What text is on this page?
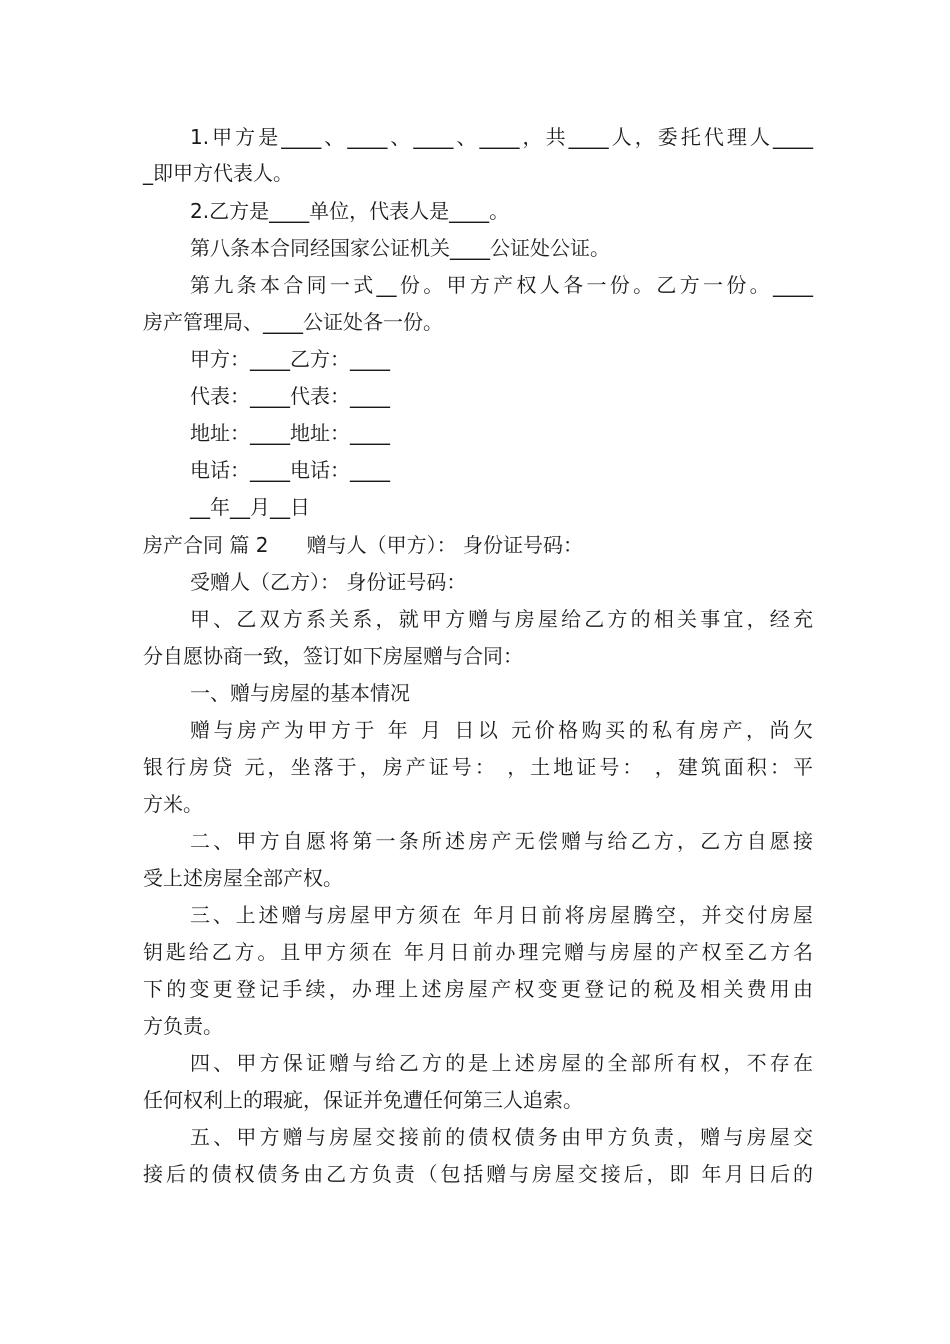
1.甲方是____、____、____、____，共____人，委托代理人____
_即甲方代表人。
2.乙方是____单位，代表人是____。
第八条本合同经国家公证机关____公证处公证。
第九条本合同一式__份。甲方产权人各一份。乙方一份。____
房产管理局、____公证处各一份。
甲方：____乙方：____
代表：____代表：____
地址：____地址：____
电话：____电话：____
__年__月__日
房产合同 篇 2      赠与人（甲方）： 身份证号码：
受赠人（乙方）： 身份证号码：
甲、乙双方系关系，就甲方赠与房屋给乙方的相关事宜，经充
分自愿协商一致，签订如下房屋赠与合同：
一、赠与房屋的基本情况
赠与房产为甲方于 年 月 日以 元价格购买的私有房产，尚欠
银行房贷 元，坐落于，房产证号： ，土地证号： ，建筑面积：平
方米。
二、甲方自愿将第一条所述房产无偿赠与给乙方，乙方自愿接
受上述房屋全部产权。
三、上述赠与房屋甲方须在 年月日前将房屋腾空，并交付房屋
钥匙给乙方。且甲方须在 年月日前办理完赠与房屋的产权至乙方名
下的变更登记手续，办理上述房屋产权变更登记的税及相关费用由
方负责。
四、甲方保证赠与给乙方的是上述房屋的全部所有权，不存在
任何权利上的瑕疵，保证并免遭任何第三人追索。
五、甲方赠与房屋交接前的债权债务由甲方负责，赠与房屋交
接后的债权债务由乙方负责（包括赠与房屋交接后，即 年月日后的
